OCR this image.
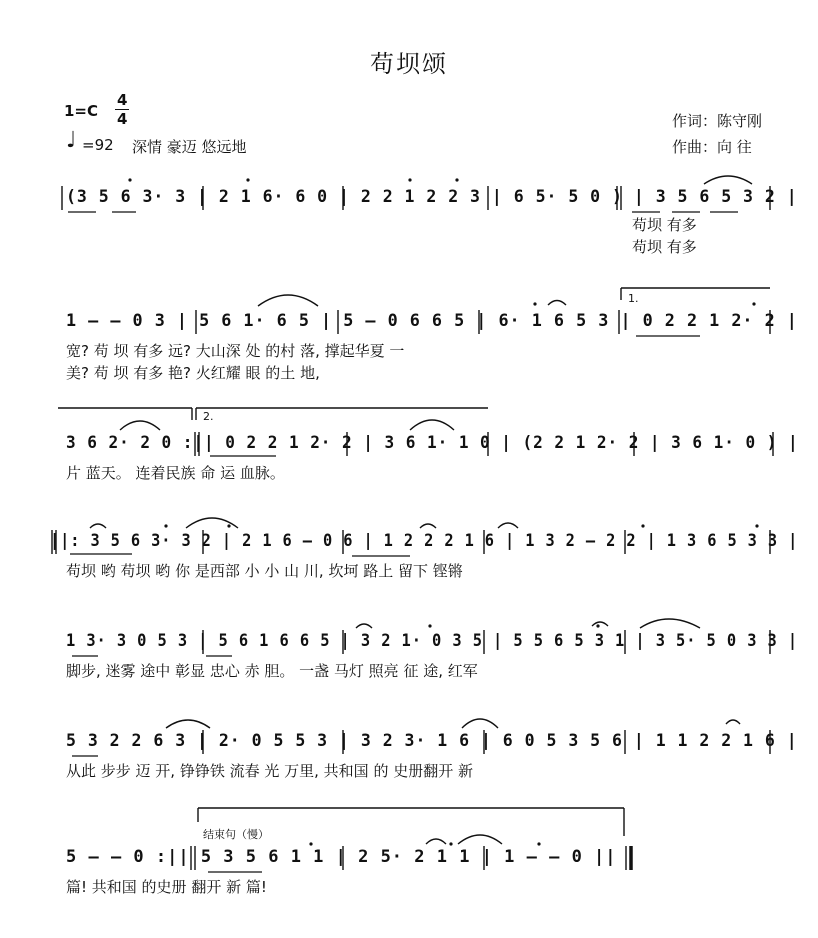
苟坝颂
1=C
4
4
♩ =92 深情 豪迈 悠远地
作词：陈守刚
作曲：向 往
1.
2.
结束句（慢）
(3 5 6 3· 3 | 2 1 6· 6 0 | 2 2 1 2 2 3 | 6 5· 5 0 ) | 3 5 6 5 3 2 |
苟坝 有多
苟坝 有多
1 — — 0 3 | 5 6 1· 6 5 | 5 — 0 6 6 5 | 6· 1 6 5 3 | 0 2 2 1 2· 2 |
宽? 苟 坝 有多 远? 大山深 处 的村 落, 撑起华夏 一
美? 苟 坝 有多 艳? 火红耀 眼 的土 地,
3 6 2· 2 0 :|| 0 2 2 1 2· 2 | 3 6 1· 1 0 | (2 2 1 2· 2 | 3 6 1· 0 ) |
片 蓝天。 连着民族 命 运 血脉。
||: 3 5 6 3· 3 2 | 2 1 6 — 0 6 | 1 2 2 2 1 6 | 1 3 2 — 2 2 | 1 3 6 5 3 3 |
苟坝 哟 苟坝 哟 你 是西部 小 小 山 川, 坎坷 路上 留下 铿锵
1 3· 3 0 5 3 | 5 6 1 6 6 5 | 3 2 1· 0 3 5 | 5 5 6 5 3 1 | 3 5· 5 0 3 3 |
脚步, 迷雾 途中 彰显 忠心 赤 胆。 一盏 马灯 照亮 征 途, 红军
5 3 2 2 6 3 | 2· 0 5 5 3 | 3 2 3· 1 6 | 6 0 5 3 5 6 | 1 1 2 2 1 6 |
从此 步步 迈 开, 铮铮铁 流春 光 万里, 共和国 的 史册翻开 新
5 — — 0 :|| 5 3 5 6 1 1 | 2 5· 2 1 1 | 1 — — 0 ||
篇! 共和国 的史册 翻开 新 篇!
